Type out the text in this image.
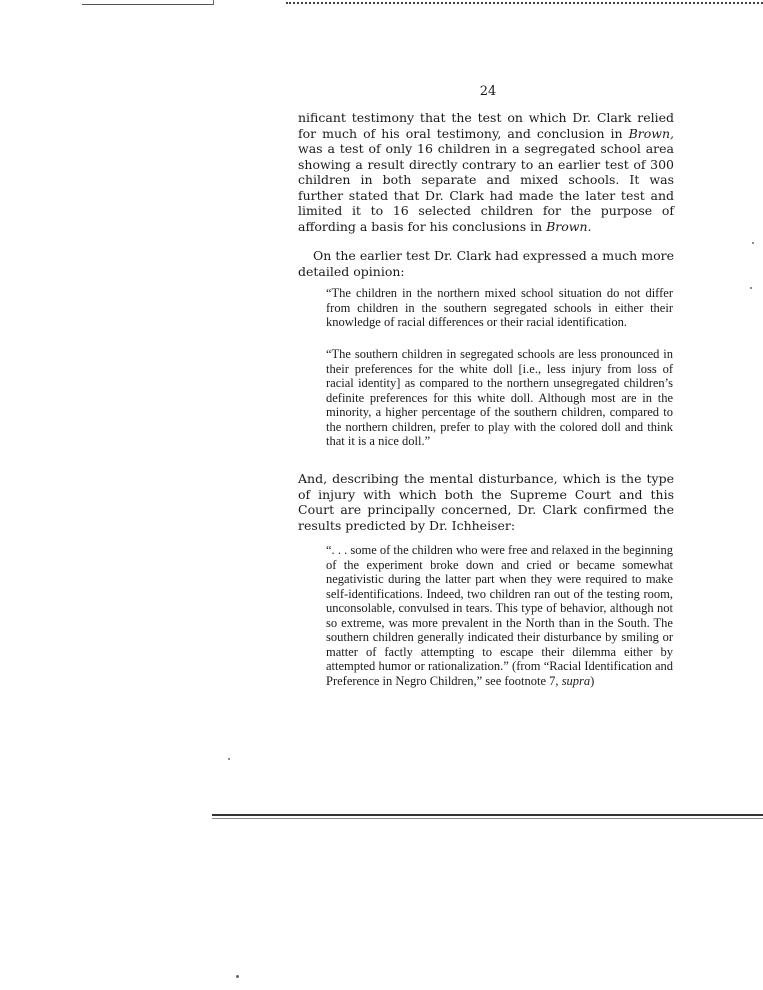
24
nificant testimony that the test on which Dr. Clark relied for much of his oral testimony, and conclusion in Brown, was a test of only 16 children in a segregated school area showing a result directly contrary to an earlier test of 300 children in both separate and mixed schools. It was further stated that Dr. Clark had made the later test and limited it to 16 selected children for the purpose of affording a basis for his conclusions in Brown.
On the earlier test Dr. Clark had expressed a much more detailed opinion:
“The children in the northern mixed school situation do not differ from children in the southern segregated schools in either their knowledge of racial differences or their racial identification.
“The southern children in segregated schools are less pronounced in their preferences for the white doll [i.e., less injury from loss of racial identity] as compared to the northern unsegregated children’s definite preferences for this white doll. Although most are in the minority, a higher percentage of the southern children, compared to the northern children, prefer to play with the colored doll and think that it is a nice doll.”
And, describing the mental disturbance, which is the type of injury with which both the Supreme Court and this Court are principally concerned, Dr. Clark confirmed the results predicted by Dr. Ichheiser:
“. . . some of the children who were free and relaxed in the beginning of the experiment broke down and cried or became somewhat negativistic during the latter part when they were required to make self-identifications. Indeed, two children ran out of the testing room, unconsolable, convulsed in tears. This type of behavior, although not so extreme, was more prevalent in the North than in the South. The southern children generally indicated their disturbance by smiling or matter of factly attempting to escape their dilemma either by attempted humor or rationalization.” (from “Racial Identification and Preference in Negro Children,” see footnote 7, supra)
